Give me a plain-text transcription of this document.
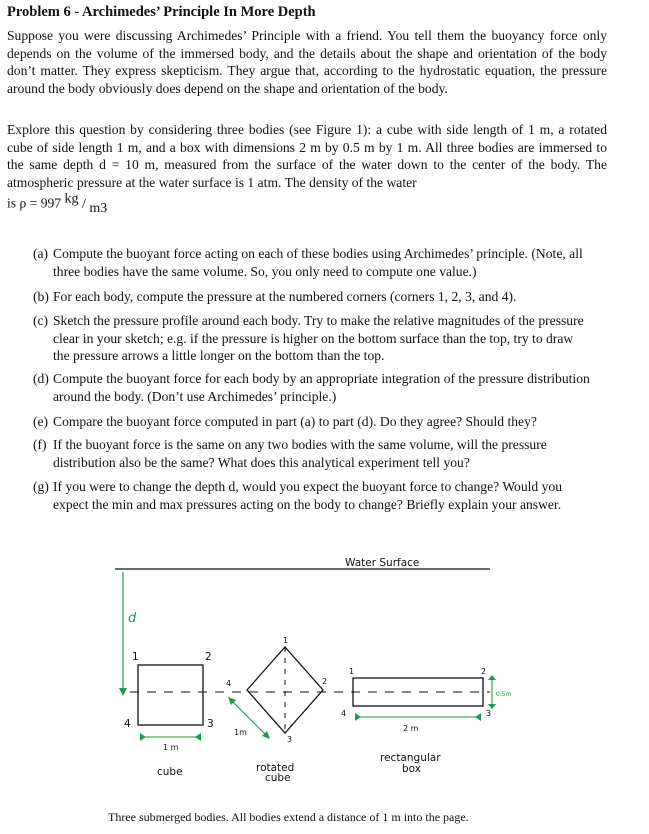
Problem 6 - Archimedes’ Principle In More Depth

Suppose you were discussing Archimedes’ Principle with a friend. You tell them the buoyancy force only depends on the volume of the immersed body, and the details about the shape and orientation of the body don’t matter. They express skepticism. They argue that, according to the hydrostatic equation, the pressure around the body obviously does depend on the shape and orientation of the body.

Explore this question by considering three bodies (see Figure 1): a cube with side length of 1 m, a rotated cube of side length 1 m, and a box with dimensions 2 m by 0.5 m by 1 m. All three bodies are immersed to the same depth d = 10 m, measured from the surface of the water down to the center of the body. The atmospheric pressure at the water surface is 1 atm. The density of the water

is ρ = 997 $^{kg}$ / $_{m3}$
(a) Compute the buoyant force acting on each of these bodies using Archimedes’ principle. (Note, all three bodies have the same volume. So, you only need to compute one value.)
(b) For each body, compute the pressure at the numbered corners (corners 1, 2, 3, and 4).
(c) Sketch the pressure profile around each body. Try to make the relative magnitudes of the pressure clear in your sketch; e.g. if the pressure is higher on the bottom surface than the top, try to draw the pressure arrows a little longer on the bottom than the top.
(d) Compute the buoyant force for each body by an appropriate integration of the pressure distribution around the body. (Don’t use Archimedes’ principle.)
(e) Compare the buoyant force computed in part (a) to part (d). Do they agree? Should they?
(f) If the buoyant force is the same on any two bodies with the same volume, will the pressure distribution also be the same? What does this analytical experiment tell you?
(g) If you were to change the depth d, would you expect the buoyant force to change? Would you expect the min and max pressures acting on the body to change? Briefly explain your answer.
Water Surface
d
1	2
3
4
1 m
cube
1
2
3
4
1m
rotated
cube
1	2
3
4
0.5m
2 m
rectangular
box
Three submerged bodies. All bodies extend a distance of 1 m into the page.
